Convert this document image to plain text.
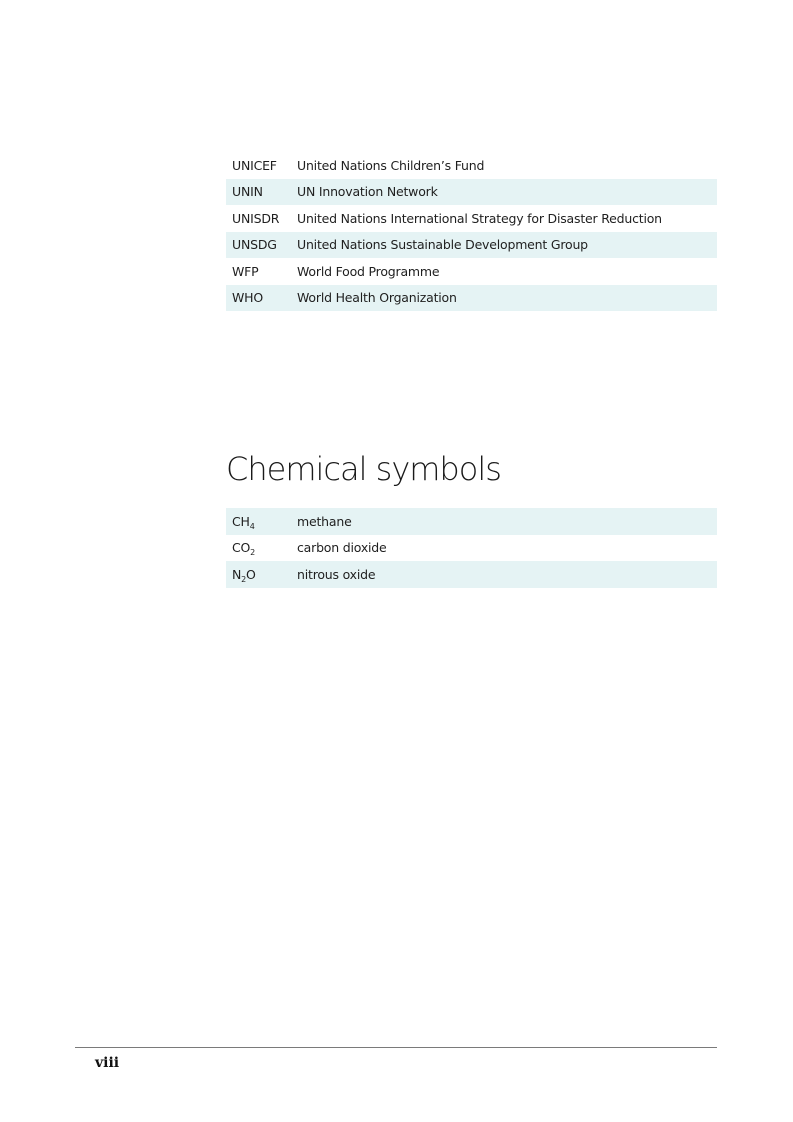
UNICEF	United Nations Children’s Fund
UNIN	UN Innovation Network
UNISDR	United Nations International Strategy for Disaster Reduction
UNSDG	United Nations Sustainable Development Group
WFP	World Food Programme
WHO	World Health Organization
Chemical symbols
$CH_4$	methane
$CO_2$	carbon dioxide
$N_2O$	nitrous oxide
viii
